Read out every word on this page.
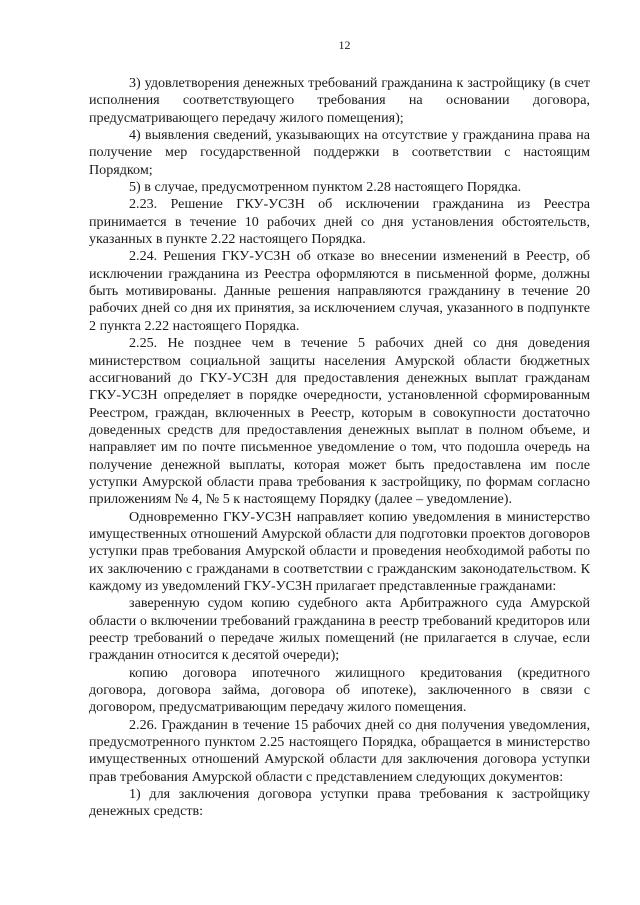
12

3) удовлетворения денежных требований гражданина к застройщику (в счет исполнения соответствующего требования на основании договора, предусматривающего передачу жилого помещения);

4) выявления сведений, указывающих на отсутствие у гражданина права на получение мер государственной поддержки в соответствии с настоящим Порядком;

5) в случае, предусмотренном пунктом 2.28 настоящего Порядка.

2.23. Решение ГКУ-УСЗН об исключении гражданина из Реестра принимается в течение 10 рабочих дней со дня установления обстоятельств, указанных в пункте 2.22 настоящего Порядка.

2.24. Решения ГКУ-УСЗН об отказе во внесении изменений в Реестр, об исключении гражданина из Реестра оформляются в письменной форме, должны быть мотивированы. Данные решения направляются гражданину в течение 20 рабочих дней со дня их принятия, за исключением случая, указанного в подпункте 2 пункта 2.22 настоящего Порядка.

2.25. Не позднее чем в течение 5 рабочих дней со дня доведения министерством социальной защиты населения Амурской области бюджетных ассигнований до ГКУ-УСЗН для предоставления денежных выплат гражданам ГКУ-УСЗН определяет в порядке очередности, установленной сформированным Реестром, граждан, включенных в Реестр, которым в совокупности достаточно доведенных средств для предоставления денежных выплат в полном объеме, и направляет им по почте письменное уведомление о том, что подошла очередь на получение денежной выплаты, которая может быть предоставлена им после уступки Амурской области права требования к застройщику, по формам согласно приложениям № 4, № 5 к настоящему Порядку (далее – уведомление).

Одновременно ГКУ-УСЗН направляет копию уведомления в министерство имущественных отношений Амурской области для подготовки проектов договоров уступки прав требования Амурской области и проведения необходимой работы по их заключению с гражданами в соответствии с гражданским законодательством. К каждому из уведомлений ГКУ-УСЗН прилагает представленные гражданами:

заверенную судом копию судебного акта Арбитражного суда Амурской области о включении требований гражданина в реестр требований кредиторов или реестр требований о передаче жилых помещений (не прилагается в случае, если гражданин относится к десятой очереди);

копию договора ипотечного жилищного кредитования (кредитного договора, договора займа, договора об ипотеке), заключенного в связи с договором, предусматривающим передачу жилого помещения.

2.26. Гражданин в течение 15 рабочих дней со дня получения уведомления, предусмотренного пунктом 2.25 настоящего Порядка, обращается в министерство имущественных отношений Амурской области для заключения договора уступки прав требования Амурской области с представлением следующих документов:

1) для заключения договора уступки права требования к застройщику денежных средств:
